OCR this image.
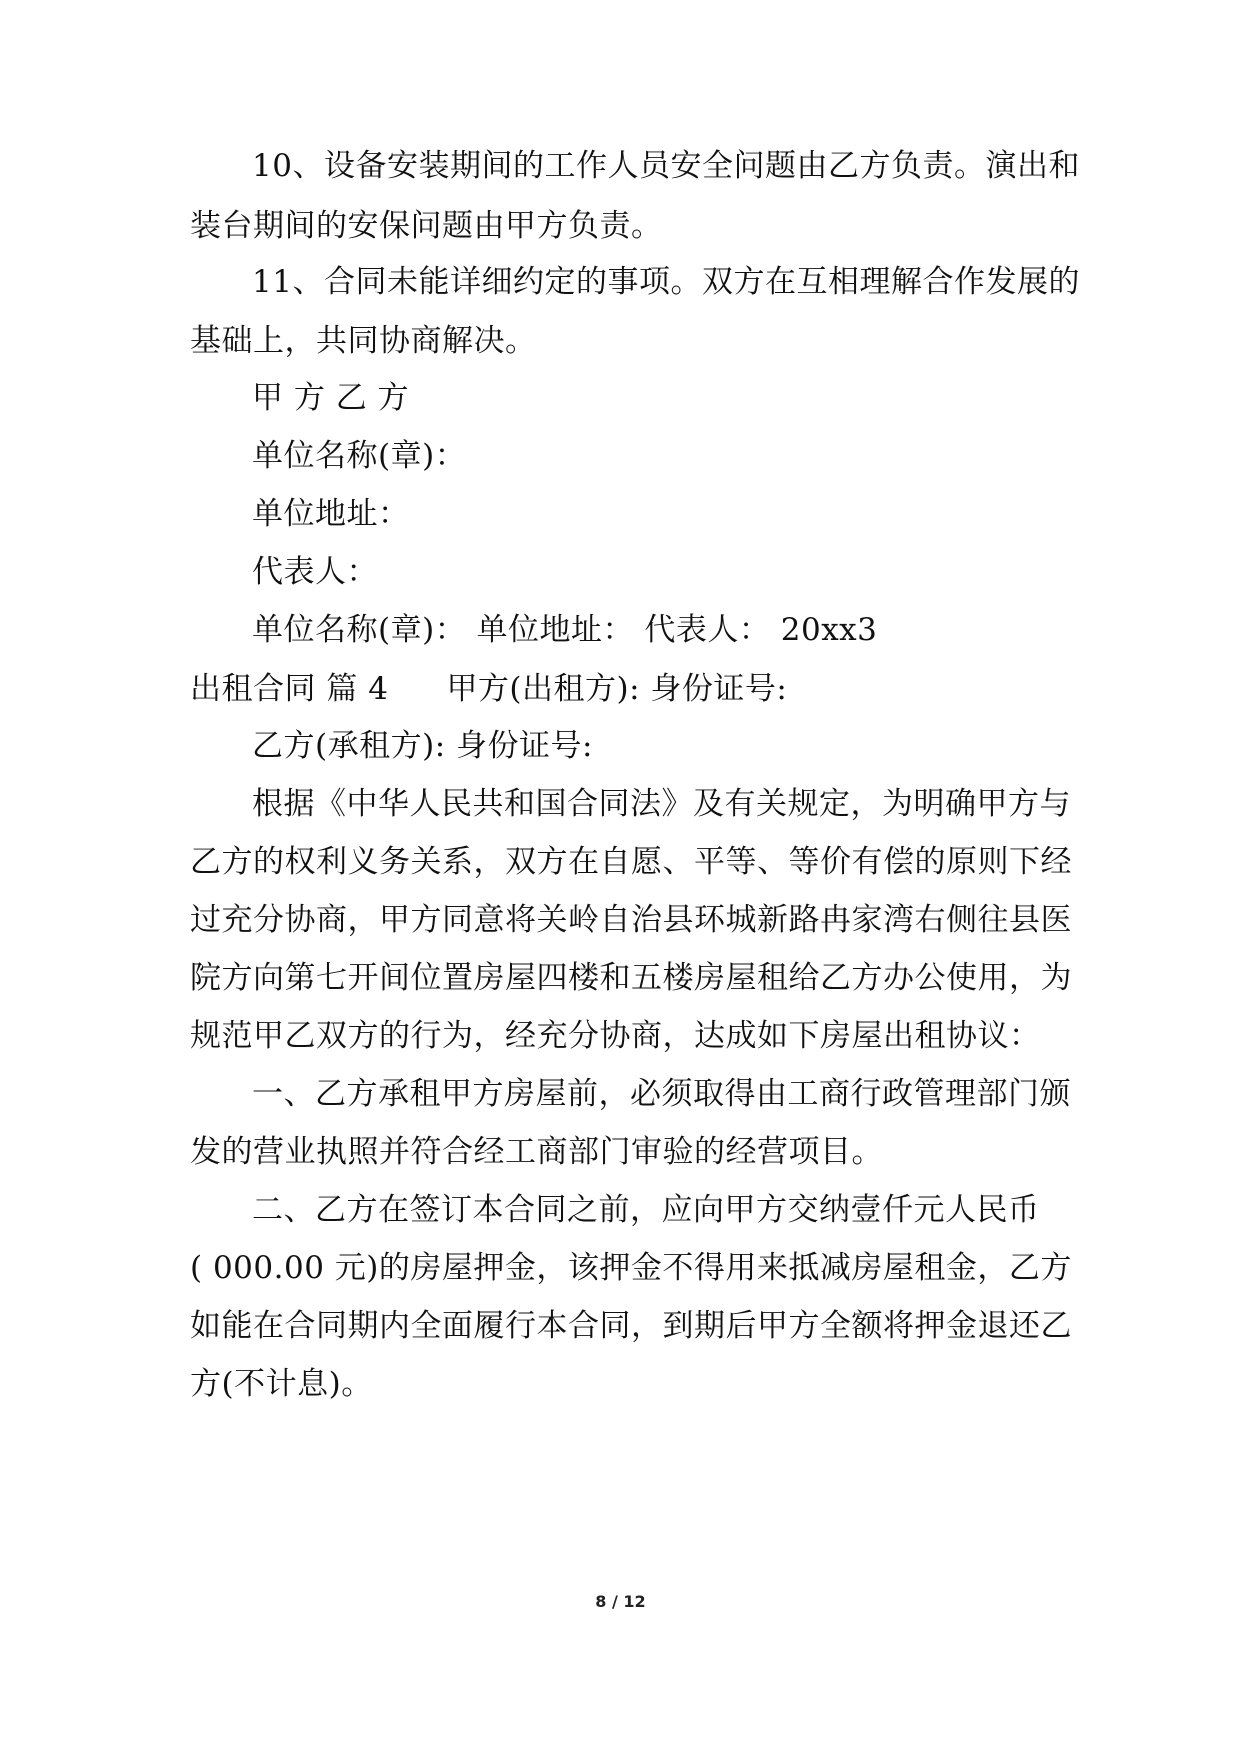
10、设备安装期间的工作人员安全问题由乙方负责。演出和
装台期间的安保问题由甲方负责。
11、合同未能详细约定的事项。双方在互相理解合作发展的
基础上，共同协商解决。
甲 方 乙 方
单位名称(章)：
单位地址：
代表人：
单位名称(章)： 单位地址： 代表人： 20xx3
出租合同 篇 4 甲方(出租方): 身份证号:
乙方(承租方): 身份证号:
根据《中华人民共和国合同法》及有关规定，为明确甲方与
乙方的权利义务关系，双方在自愿、平等、等价有偿的原则下经
过充分协商，甲方同意将关岭自治县环城新路冉家湾右侧往县医
院方向第七开间位置房屋四楼和五楼房屋租给乙方办公使用，为
规范甲乙双方的行为，经充分协商，达成如下房屋出租协议：
一、乙方承租甲方房屋前，必须取得由工商行政管理部门颁
发的营业执照并符合经工商部门审验的经营项目。
二、乙方在签订本合同之前，应向甲方交纳壹仟元人民币
( 000.00 元)的房屋押金，该押金不得用来抵减房屋租金，乙方
如能在合同期内全面履行本合同，到期后甲方全额将押金退还乙
方(不计息)。
8 / 12
